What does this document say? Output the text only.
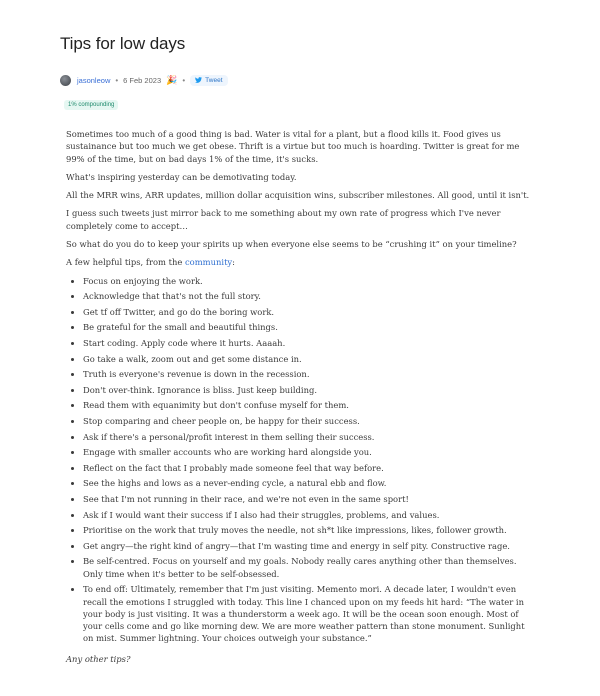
Tips for low days
jasonleow • 6 Feb 2023 🎉 •	Tweet
1% compounding

Sometimes too much of a good thing is bad. Water is vital for a plant, but a flood kills it. Food gives us sustainance but too much we get obese. Thrift is a virtue but too much is hoarding. Twitter is great for me 99% of the time, but on bad days 1% of the time, it's sucks.

What's inspiring yesterday can be demotivating today.

All the MRR wins, ARR updates, million dollar acquisition wins, subscriber milestones. All good, until it isn't.

I guess such tweets just mirror back to me something about my own rate of progress which I've never completely come to accept…

So what do you do to keep your spirits up when everyone else seems to be “crushing it” on your timeline?

A few helpful tips, from the community:

• Focus on enjoying the work.
• Acknowledge that that's not the full story.
• Get tf off Twitter, and go do the boring work.
• Be grateful for the small and beautiful things.
• Start coding. Apply code where it hurts. Aaaah.
• Go take a walk, zoom out and get some distance in.
• Truth is everyone's revenue is down in the recession.
• Don't over-think. Ignorance is bliss. Just keep building.
• Read them with equanimity but don't confuse myself for them.
• Stop comparing and cheer people on, be happy for their success.
• Ask if there's a personal/profit interest in them selling their success.
• Engage with smaller accounts who are working hard alongside you.
• Reflect on the fact that I probably made someone feel that way before.
• See the highs and lows as a never-ending cycle, a natural ebb and flow.
• See that I'm not running in their race, and we're not even in the same sport!
• Ask if I would want their success if I also had their struggles, problems, and values.
• Prioritise on the work that truly moves the needle, not sh*t like impressions, likes, follower growth.
• Get angry—the right kind of angry—that I'm wasting time and energy in self pity. Constructive rage.
• Be self-centred. Focus on yourself and my goals. Nobody really cares anything other than themselves. Only time when it's better to be self-obsessed.
• To end off: Ultimately, remember that I'm just visiting. Memento mori. A decade later, I wouldn't even recall the emotions I struggled with today. This line I chanced upon on my feeds hit hard: “The water in your body is just visiting. It was a thunderstorm a week ago. It will be the ocean soon enough. Most of your cells come and go like morning dew. We are more weather pattern than stone monument. Sunlight on mist. Summer lightning. Your choices outweigh your substance.”

Any other tips?
